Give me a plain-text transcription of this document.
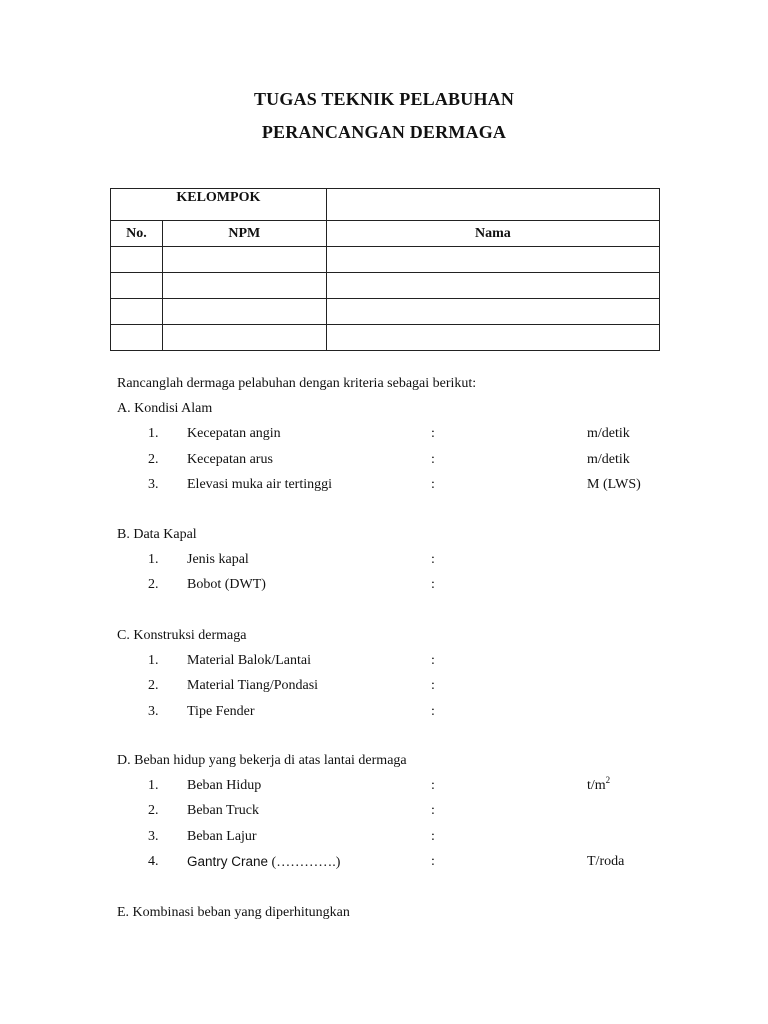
TUGAS TEKNIK PELABUHAN
PERANCANGAN DERMAGA
KELOMPOK		
No.	NPM	Nama

Rancanglah dermaga pelabuhan dengan kriteria sebagai berikut:
A. Kondisi Alam
1. Kecepatan angin	:	m/detik
2. Kecepatan arus	:	m/detik
3. Elevasi muka air tertinggi	:	M (LWS)
B. Data Kapal
1. Jenis kapal	:
2. Bobot (DWT)	:
C. Konstruksi dermaga
1. Material Balok/Lantai	:
2. Material Tiang/Pondasi	:
3. Tipe Fender	:
D. Beban hidup yang bekerja di atas lantai dermaga
1. Beban Hidup	:	$t/m^2$
2. Beban Truck	:
3. Beban Lajur	:
4. Gantry Crane (………….)	:	T/roda
E. Kombinasi beban yang diperhitungkan
